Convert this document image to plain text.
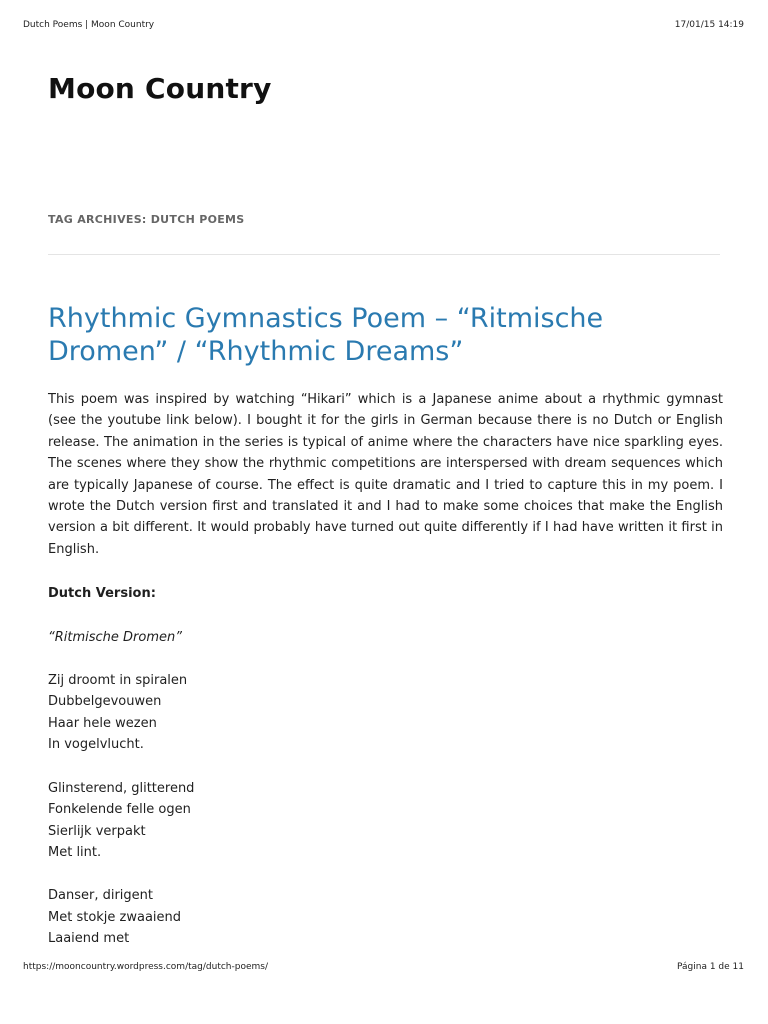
Dutch Poems | Moon Country	17/01/15 14:19
Moon Country
TAG ARCHIVES: DUTCH POEMS
Rhythmic Gymnastics Poem – “Ritmische Dromen” / “Rhythmic Dreams”

This poem was inspired by watching “Hikari” which is a Japanese anime about a rhythmic gymnast (see the youtube link below). I bought it for the girls in German because there is no Dutch or English release. The animation in the series is typical of anime where the characters have nice sparkling eyes. The scenes where they show the rhythmic competitions are interspersed with dream sequences which are typically Japanese of course. The effect is quite dramatic and I tried to capture this in my poem. I wrote the Dutch version first and translated it and I had to make some choices that make the English version a bit different. It would probably have turned out quite differently if I had have written it first in English.

Dutch Version:

“Ritmische Dromen”

Zij droomt in spiralen

Dubbelgevouwen

Haar hele wezen

In vogelvlucht.

Glinsterend, glitterend

Fonkelende felle ogen

Sierlijk verpakt

Met lint.

Danser, dirigent

Met stokje zwaaiend

Laaiend met

https://mooncountry.wordpress.com/tag/dutch-poems/	Página 1 de 11
